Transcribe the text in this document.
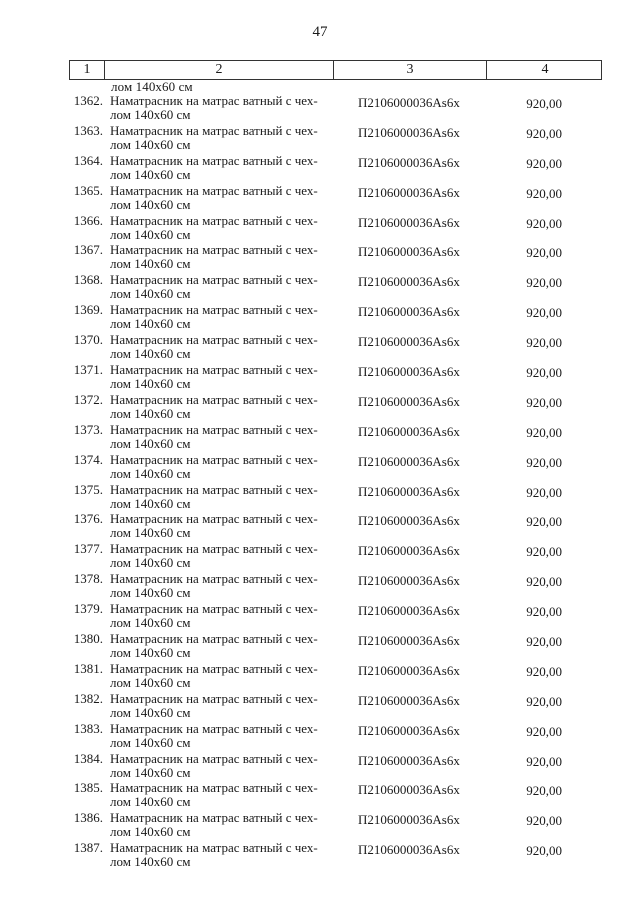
47
1	2	3	4
лом 140х60 см
1362. Наматрасник на матрас ватный с чех-
лом 140х60 см
П2106000036Аs6х	920,00
1363. Наматрасник на матрас ватный с чех-
лом 140х60 см
П2106000036Аs6х	920,00
1364. Наматрасник на матрас ватный с чех-
лом 140х60 см
П2106000036Аs6х	920,00
1365. Наматрасник на матрас ватный с чех-
лом 140х60 см
П2106000036Аs6х	920,00
1366. Наматрасник на матрас ватный с чех-
лом 140х60 см
П2106000036Аs6х	920,00
1367. Наматрасник на матрас ватный с чех-
лом 140х60 см
П2106000036Аs6х	920,00
1368. Наматрасник на матрас ватный с чех-
лом 140х60 см
П2106000036Аs6х	920,00
1369. Наматрасник на матрас ватный с чех-
лом 140х60 см
П2106000036Аs6х	920,00
1370. Наматрасник на матрас ватный с чех-
лом 140х60 см
П2106000036Аs6х	920,00
1371. Наматрасник на матрас ватный с чех-
лом 140х60 см
П2106000036Аs6х	920,00
1372. Наматрасник на матрас ватный с чех-
лом 140х60 см
П2106000036Аs6х	920,00
1373. Наматрасник на матрас ватный с чех-
лом 140х60 см
П2106000036Аs6х	920,00
1374. Наматрасник на матрас ватный с чех-
лом 140х60 см
П2106000036Аs6х	920,00
1375. Наматрасник на матрас ватный с чех-
лом 140х60 см
П2106000036Аs6х	920,00
1376. Наматрасник на матрас ватный с чех-
лом 140х60 см
П2106000036Аs6х	920,00
1377. Наматрасник на матрас ватный с чех-
лом 140х60 см
П2106000036Аs6х	920,00
1378. Наматрасник на матрас ватный с чех-
лом 140х60 см
П2106000036Аs6х	920,00
1379. Наматрасник на матрас ватный с чех-
лом 140х60 см
П2106000036Аs6х	920,00
1380. Наматрасник на матрас ватный с чех-
лом 140х60 см
П2106000036Аs6х	920,00
1381. Наматрасник на матрас ватный с чех-
лом 140х60 см
П2106000036Аs6х	920,00
1382. Наматрасник на матрас ватный с чех-
лом 140х60 см
П2106000036Аs6х	920,00
1383. Наматрасник на матрас ватный с чех-
лом 140х60 см
П2106000036Аs6х	920,00
1384. Наматрасник на матрас ватный с чех-
лом 140х60 см
П2106000036Аs6х	920,00
1385. Наматрасник на матрас ватный с чех-
лом 140х60 см
П2106000036Аs6х	920,00
1386. Наматрасник на матрас ватный с чех-
лом 140х60 см
П2106000036Аs6х	920,00
1387. Наматрасник на матрас ватный с чех-
лом 140х60 см
П2106000036Аs6х	920,00
